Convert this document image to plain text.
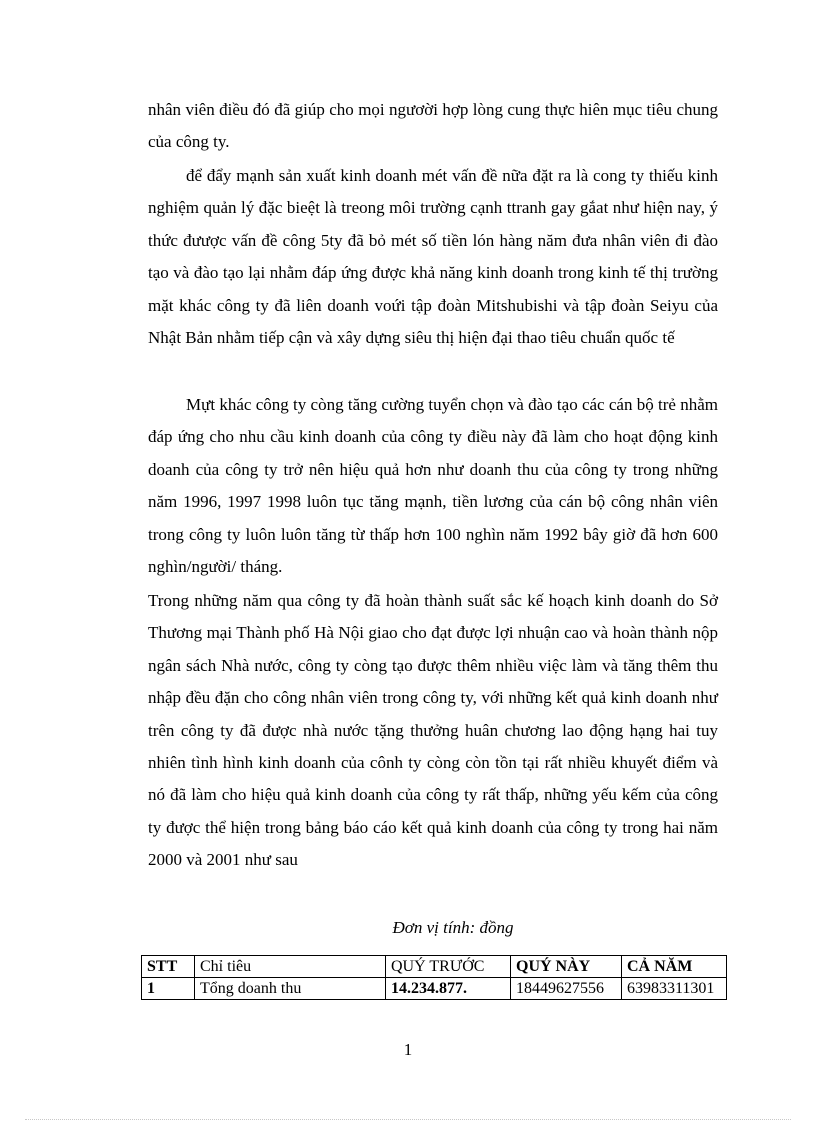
nhân viên điều đó đã giúp cho mọi ngươời hợp lòng cung thực hiên mục tiêu chung của công ty.

để đẩy mạnh sản xuất kinh doanh mét vấn đề nữa đặt ra là cong ty thiếu kinh nghiệm quản lý đặc bieệt là treong môi trường cạnh ttranh gay gắat như hiện nay, ý thức đưược vấn đề công 5ty đã bỏ mét số tiền lón hàng năm đưa nhân viên đi đào tạo và đào tạo lại nhằm đáp ứng được khả năng kinh doanh trong kinh tế thị trường mặt khác công ty đã liên doanh voứi tập đoàn Mitshubishi và tập đoàn Seiyu của Nhật Bản nhằm tiếp cận và xây dựng siêu thị hiện đại thao tiêu chuẩn quốc tế

Mựt khác công ty còng tăng cường tuyển chọn và đào tạo các cán bộ trẻ nhằm đáp ứng cho nhu cầu kinh doanh của công ty điều này đã làm cho hoạt động kinh doanh của công ty trở nên hiệu quả hơn như doanh thu của công ty trong những năm 1996, 1997 1998 luôn tục tăng mạnh, tiền lương của cán bộ công nhân viên trong công ty luôn luôn tăng từ thấp hơn 100 nghìn năm 1992 bây giờ đã hơn 600 nghìn/người/ tháng.

Trong những năm qua công ty đã hoàn thành suất sắc kế hoạch kinh doanh do Sở Thương mại Thành phố Hà Nội giao cho đạt được lợi nhuận cao và hoàn thành nộp ngân sách Nhà nước, công ty còng tạo được thêm nhiều việc làm và tăng thêm thu nhập đều đặn cho công nhân viên trong công ty, với những kết quả kinh doanh như trên công ty đã được nhà nước tặng thưởng huân chương lao động hạng hai tuy nhiên tình hình kinh doanh của cônh ty còng còn tồn tại rất nhiều khuyết điểm và nó đã làm cho hiệu quả kinh doanh của công ty rất thấp, những yếu kếm của công ty được thể hiện trong bảng báo cáo kết quả kinh doanh của công ty trong hai năm 2000 và 2001 như sau

Đơn vị tính: đồng
STT	Chỉ tiêu	QUÝ TRƯỚC	QUÝ NÀY	CẢ NĂM
1	Tổng doanh thu	14.234.877.	18449627556	63983311301
1
